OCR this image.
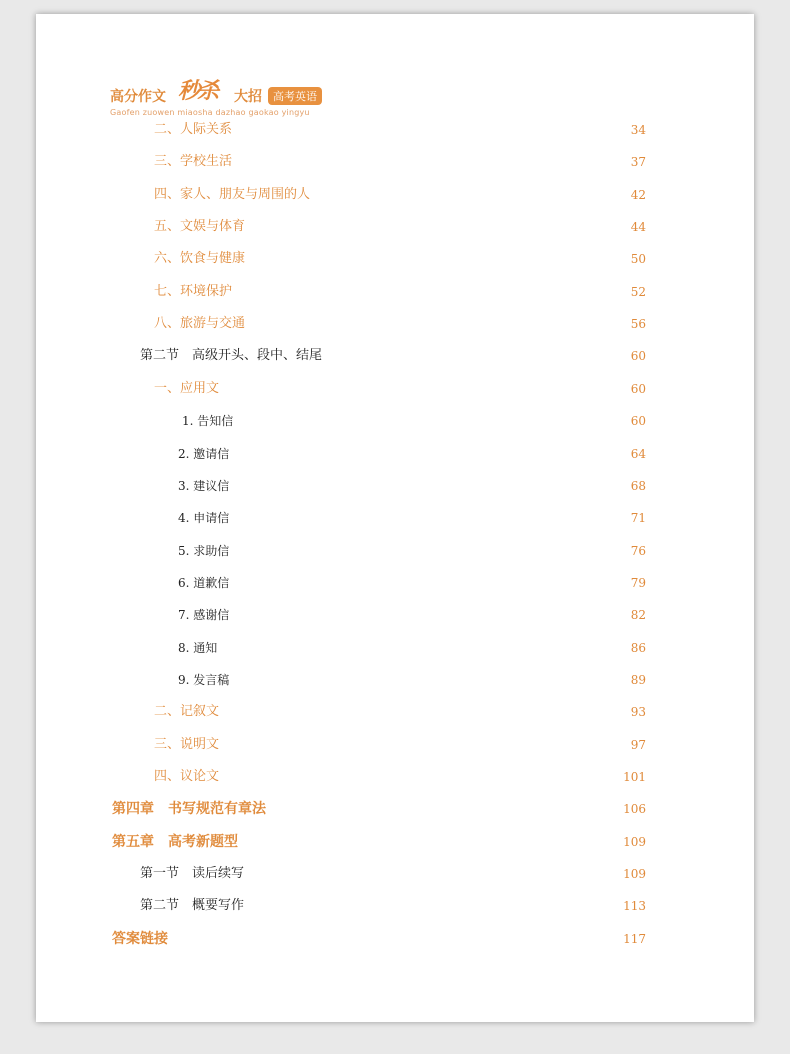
高分作文 秒杀 大招	高考英语
Gaofen zuowen miaosha dazhao gaokao yingyu
二、人际关系	34
三、学校生活	37
四、家人、朋友与周围的人	42
五、文娱与体育	44
六、饮食与健康	50
七、环境保护	52
八、旅游与交通	56
第二节　高级开头、段中、结尾	60
一、应用文	60
1. 告知信	60
2. 邀请信	64
3. 建议信	68
4. 申请信	71
5. 求助信	76
6. 道歉信	79
7. 感谢信	82
8. 通知	86
9. 发言稿	89
二、记叙文	93
三、说明文	97
四、议论文	101
第四章　书写规范有章法	106
第五章　高考新题型	109
第一节　读后续写	109
第二节　概要写作	113
答案链接	117
